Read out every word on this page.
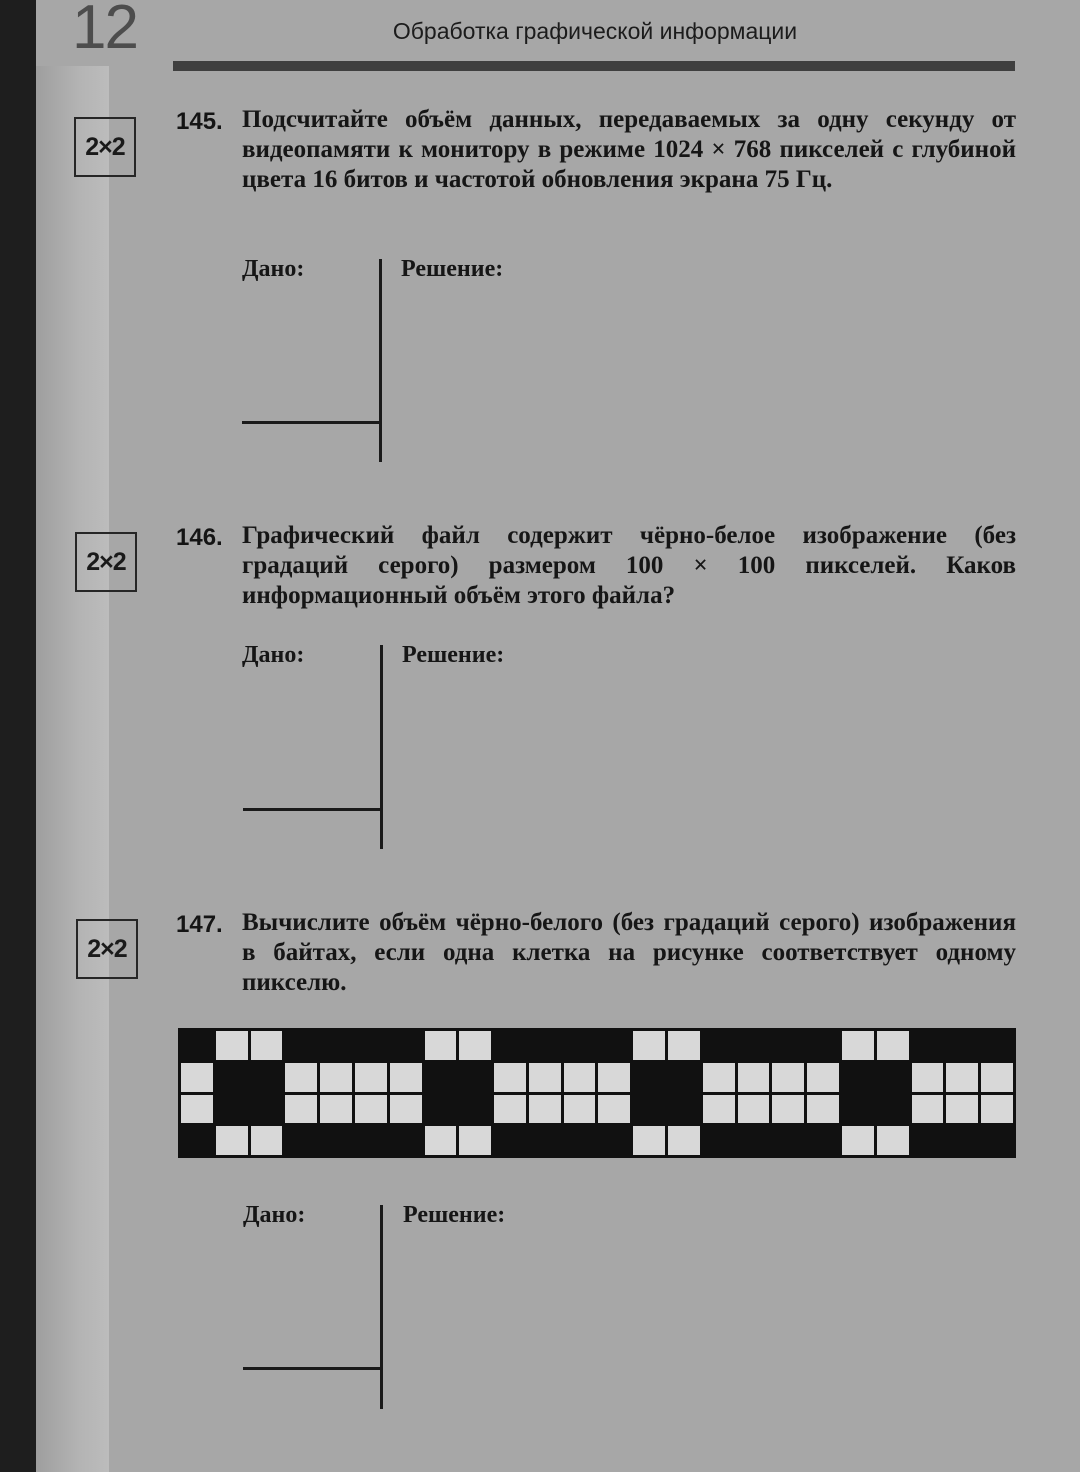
12	Обработка графической информации
2×2
145. Подсчитайте объём данных, передаваемых за одну секунду от видеопамяти к монитору в режиме 1024 × 768 пикселей с глубиной цвета 16 битов и частотой обновления экрана 75 Гц.
Дано:	Решение:
2×2
146. Графический файл содержит чёрно-белое изображение (без градаций серого) размером 100 × 100 пикселей. Каков информационный объём этого файла?
Дано:	Решение:
2×2
147. Вычислите объём чёрно-белого (без градаций серого) изображения в байтах, если одна клетка на рисунке соответствует одному пикселю.
Дано:	Решение:
